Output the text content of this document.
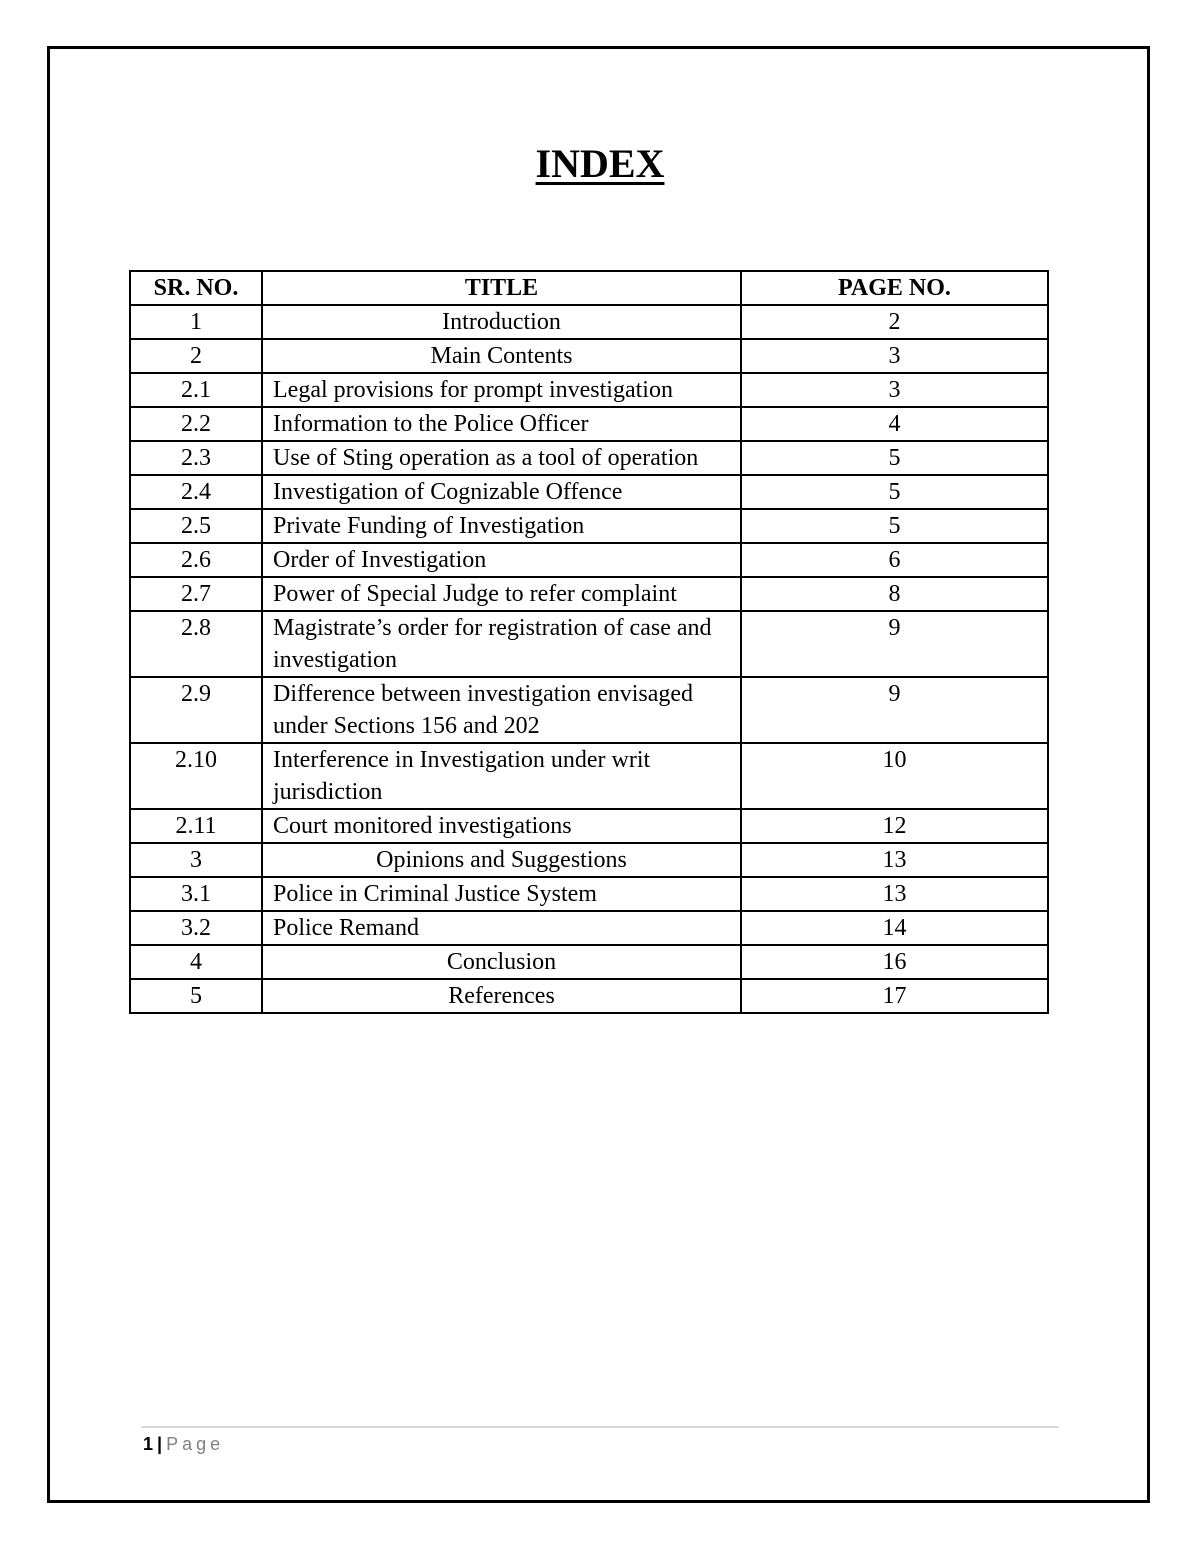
INDEX
SR. NO.	TITLE	PAGE NO.
1	Introduction	2
2	Main Contents	3
2.1	Legal provisions for prompt investigation	3
2.2	Information to the Police Officer	4
2.3	Use of Sting operation as a tool of operation	5
2.4	Investigation of Cognizable Offence	5
2.5	Private Funding of Investigation	5
2.6	Order of Investigation	6
2.7	Power of Special Judge to refer complaint	8
2.8	Magistrate’s order for registration of case and investigation	9
2.9	Difference between investigation envisaged under Sections 156 and 202	9
2.10	Interference in Investigation under writ jurisdiction	10
2.11	Court monitored investigations	12
3	Opinions and Suggestions	13
3.1	Police in Criminal Justice System	13
3.2	Police Remand	14
4	Conclusion	16
5	References	17
1 | Page
